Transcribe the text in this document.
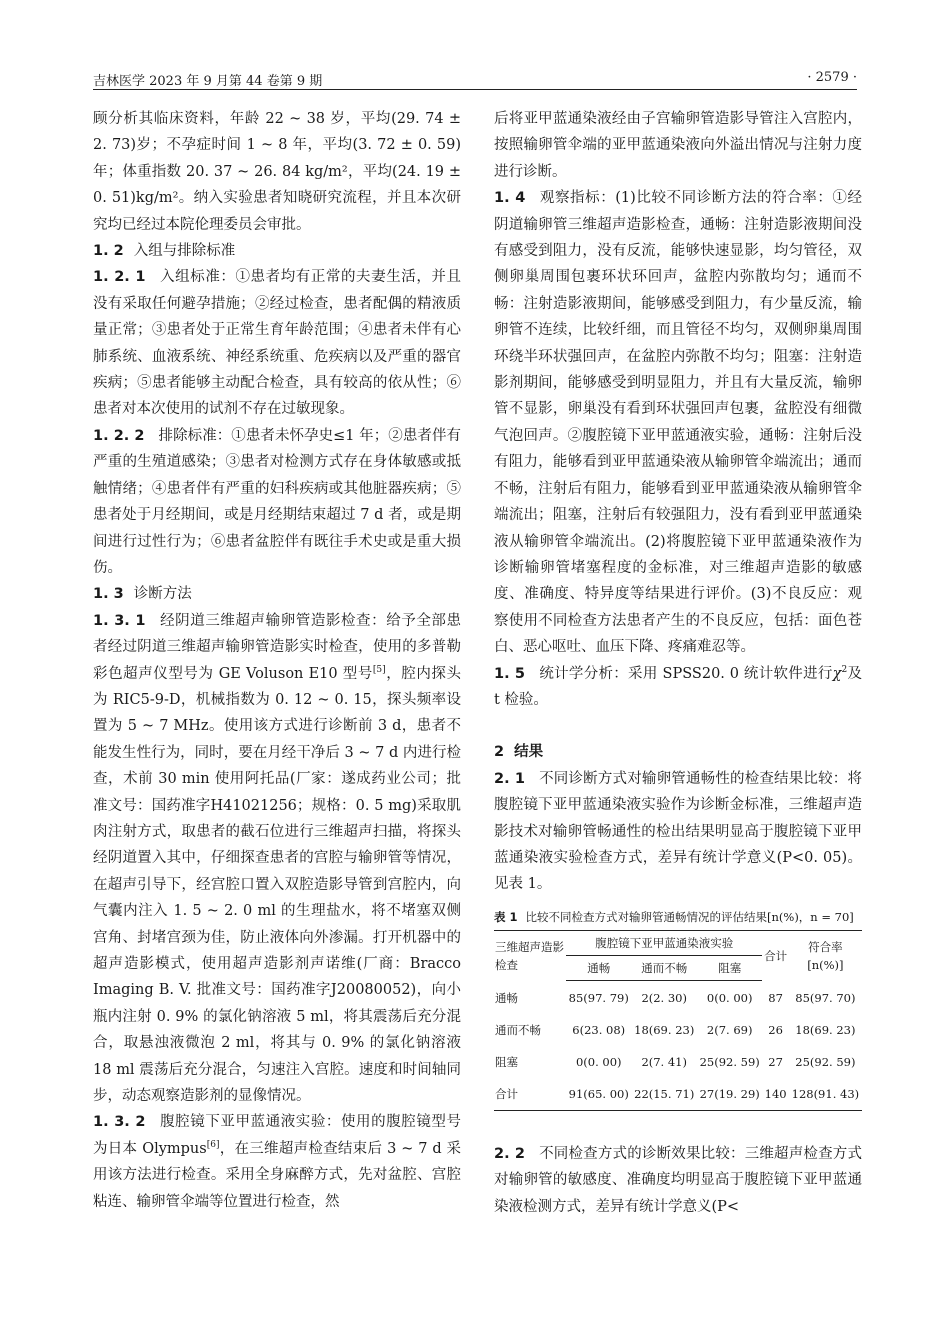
吉林医学 2023 年 9 月第 44 卷第 9 期	· 2579 ·

顾分析其临床资料，年龄 22 ~ 38 岁，平均(29. 74 ± 2. 73)岁；不孕症时间 1 ~ 8 年，平均(3. 72 ± 0. 59)年；体重指数 20. 37 ~ 26. 84 kg/m²，平均(24. 19 ± 0. 51)kg/m²。纳入实验患者知晓研究流程，并且本次研究均已经过本院伦理委员会审批。

1. 2 入组与排除标准

1. 2. 1 入组标准：①患者均有正常的夫妻生活，并且没有采取任何避孕措施；②经过检查，患者配偶的精液质量正常；③患者处于正常生育年龄范围；④患者未伴有心肺系统、血液系统、神经系统重、危疾病以及严重的器官疾病；⑤患者能够主动配合检查，具有较高的依从性；⑥患者对本次使用的试剂不存在过敏现象。

1. 2. 2 排除标准：①患者未怀孕史≤1 年；②患者伴有严重的生殖道感染；③患者对检测方式存在身体敏感或抵触情绪；④患者伴有严重的妇科疾病或其他脏器疾病；⑤患者处于月经期间，或是月经期结束超过 7 d 者，或是期间进行过性行为；⑥患者盆腔伴有既往手术史或是重大损伤。

1. 3 诊断方法

1. 3. 1 经阴道三维超声输卵管造影检查：给予全部患者经过阴道三维超声输卵管造影实时检查，使用的多普勒彩色超声仪型号为 GE Voluson E10 型号[5]，腔内探头为 RIC5-9-D，机械指数为 0. 12 ~ 0. 15，探头频率设置为 5 ~ 7 MHz。使用该方式进行诊断前 3 d，患者不能发生性行为，同时，要在月经干净后 3 ~ 7 d 内进行检查，术前 30 min 使用阿托品(厂家：遂成药业公司；批准文号：国药准字H41021256；规格：0. 5 mg)采取肌肉注射方式，取患者的截石位进行三维超声扫描，将探头经阴道置入其中，仔细探查患者的宫腔与输卵管等情况，在超声引导下，经宫腔口置入双腔造影导管到宫腔内，向气囊内注入 1. 5 ~ 2. 0 ml 的生理盐水，将不堵塞双侧宫角、封堵宫颈为佳，防止液体向外渗漏。打开机器中的超声造影模式，使用超声造影剂声诺维(厂商：Bracco Imaging B. V. 批准文号：国药准字J20080052)，向小瓶内注射 0. 9% 的氯化钠溶液 5 ml，将其震荡后充分混合，取悬浊液微泡 2 ml，将其与 0. 9% 的氯化钠溶液 18 ml 震荡后充分混合，匀速注入宫腔。速度和时间轴同步，动态观察造影剂的显像情况。

1. 3. 2 腹腔镜下亚甲蓝通液实验：使用的腹腔镜型号为日本 Olympus[6]，在三维超声检查结束后 3 ~ 7 d 采用该方法进行检查。采用全身麻醉方式，先对盆腔、宫腔粘连、输卵管伞端等位置进行检查，然

后将亚甲蓝通染液经由子宫输卵管造影导管注入宫腔内，按照输卵管伞端的亚甲蓝通染液向外溢出情况与注射力度进行诊断。

1. 4 观察指标：(1)比较不同诊断方法的符合率：①经阴道输卵管三维超声造影检查，通畅：注射造影液期间没有感受到阻力，没有反流，能够快速显影，均匀管径，双侧卵巢周围包裹环状环回声，盆腔内弥散均匀；通而不畅：注射造影液期间，能够感受到阻力，有少量反流，输卵管不连续，比较纤细，而且管径不均匀，双侧卵巢周围环绕半环状强回声，在盆腔内弥散不均匀；阻塞：注射造影剂期间，能够感受到明显阻力，并且有大量反流，输卵管不显影，卵巢没有看到环状强回声包裹，盆腔没有细微气泡回声。②腹腔镜下亚甲蓝通液实验，通畅：注射后没有阻力，能够看到亚甲蓝通染液从输卵管伞端流出；通而不畅，注射后有阻力，能够看到亚甲蓝通染液从输卵管伞端流出；阻塞，注射后有较强阻力，没有看到亚甲蓝通染液从输卵管伞端流出。(2)将腹腔镜下亚甲蓝通染液作为诊断输卵管堵塞程度的金标准，对三维超声造影的敏感度、准确度、特异度等结果进行评价。(3)不良反应：观察使用不同检查方法患者产生的不良反应，包括：面色苍白、恶心呕吐、血压下降、疼痛难忍等。

1. 5 统计学分析：采用 SPSS20. 0 统计软件进行$\chi^2$及 t 检验。

2 结果

2. 1 不同诊断方式对输卵管通畅性的检查结果比较：将腹腔镜下亚甲蓝通染液实验作为诊断金标准，三维超声造影技术对输卵管畅通性的检出结果明显高于腹腔镜下亚甲蓝通染液实验检查方式，差异有统计学意义(P<0. 05)。见表 1。

表 1 比较不同检查方式对输卵管通畅情况的评估结果[n(%)，n = 70]
三维超声造影检查	腹腔镜下亚甲蓝通染液实验			合计	符合率
[n(%)]
	通畅	通而不畅	阻塞		
通畅	85(97. 79)	2(2. 30)	0(0. 00)	87	85(97. 70)
通而不畅	6(23. 08)	18(69. 23)	2(7. 69)	26	18(69. 23)
阻塞	0(0. 00)	2(7. 41)	25(92. 59)	27	25(92. 59)
合计	91(65. 00)	22(15. 71)	27(19. 29)	140	128(91. 43)

2. 2 不同检查方式的诊断效果比较：三维超声检查方式对输卵管的敏感度、准确度均明显高于腹腔镜下亚甲蓝通染液检测方式，差异有统计学意义(P<
